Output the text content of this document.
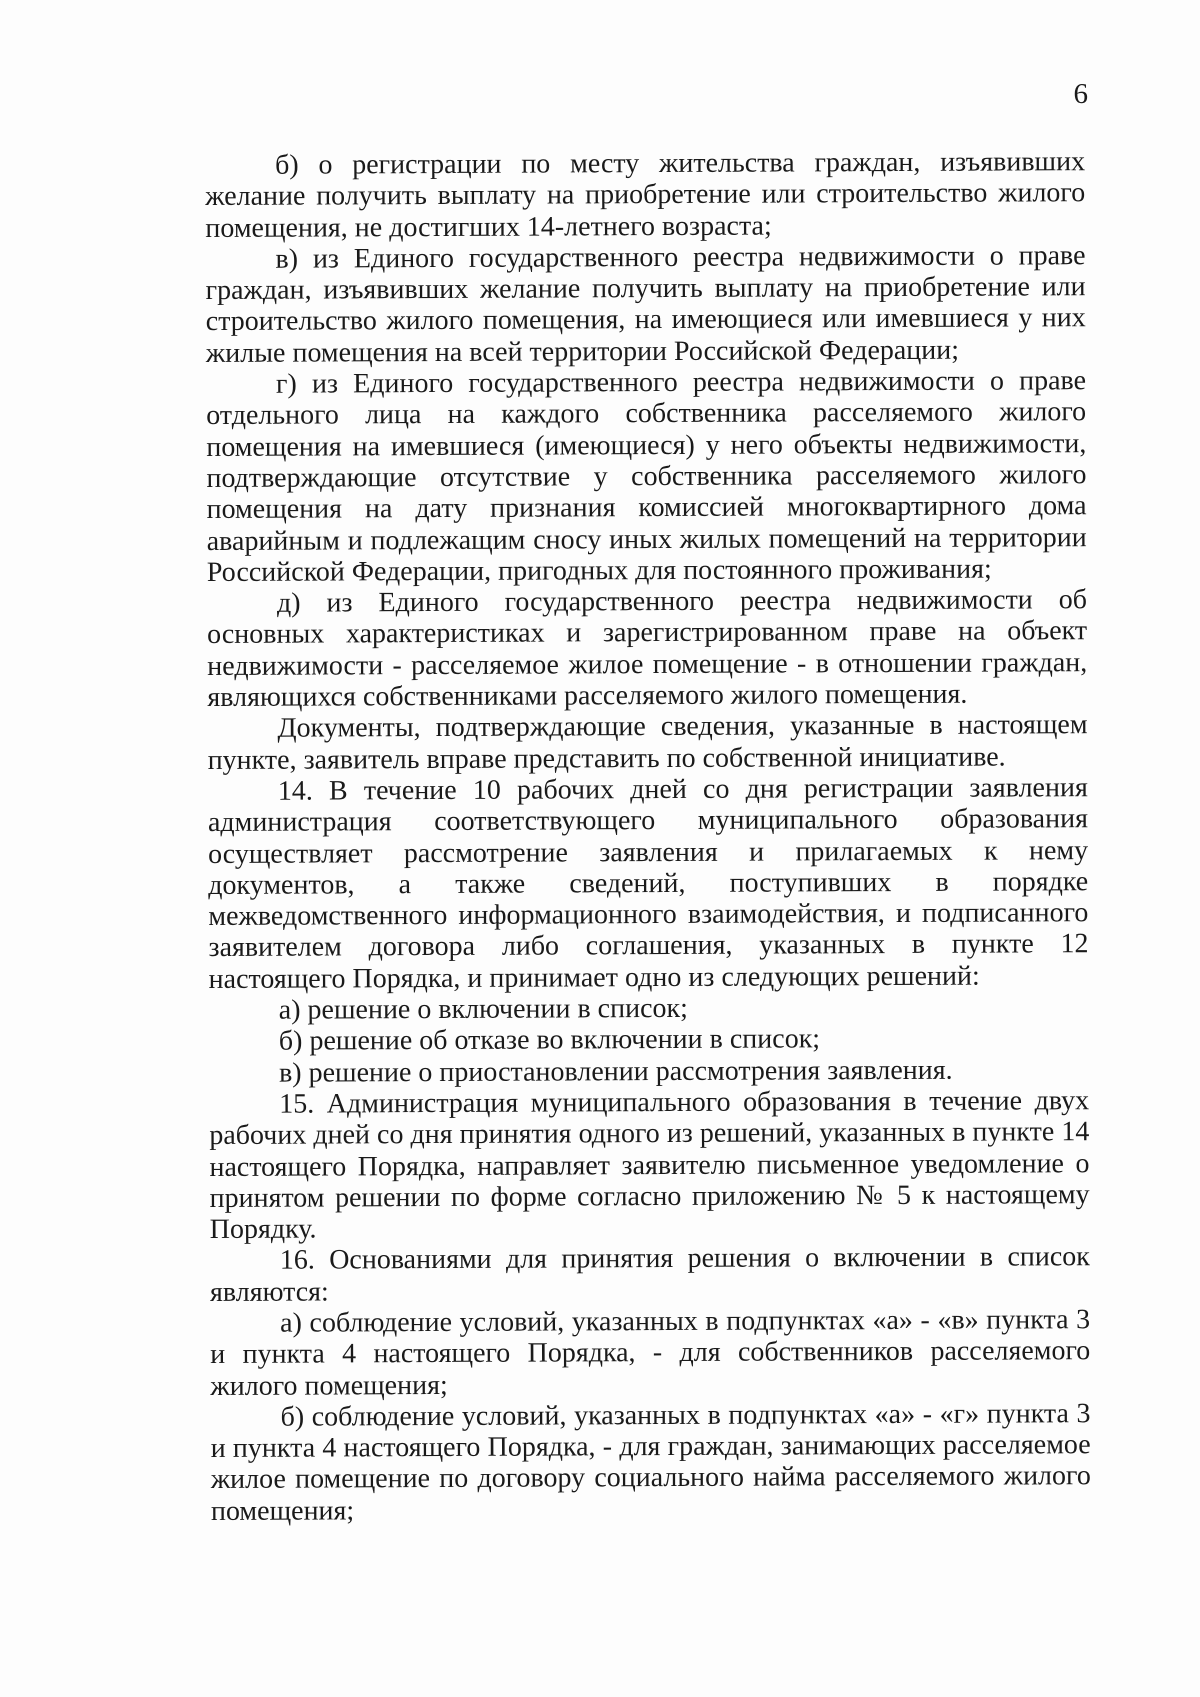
6

б) о регистрации по месту жительства граждан, изъявивших желание получить выплату на приобретение или строительство жилого помещения, не достигших 14-летнего возраста;

в) из Единого государственного реестра недвижимости о праве граждан, изъявивших желание получить выплату на приобретение или строительство жилого помещения, на имеющиеся или имевшиеся у них жилые помещения на всей территории Российской Федерации;

г) из Единого государственного реестра недвижимости о праве отдельного лица на каждого собственника расселяемого жилого помещения на имевшиеся (имеющиеся) у него объекты недвижимости, подтверждающие отсутствие у собственника расселяемого жилого помещения на дату признания комиссией многоквартирного дома аварийным и подлежащим сносу иных жилых помещений на территории Российской Федерации, пригодных для постоянного проживания;

д) из Единого государственного реестра недвижимости об основных характеристиках и зарегистрированном праве на объект недвижимости - расселяемое жилое помещение - в отношении граждан, являющихся собственниками расселяемого жилого помещения.

Документы, подтверждающие сведения, указанные в настоящем пункте, заявитель вправе представить по собственной инициативе.

14. В течение 10 рабочих дней со дня регистрации заявления администрация соответствующего муниципального образования осуществляет рассмотрение заявления и прилагаемых к нему документов, а также сведений, поступивших в порядке межведомственного информационного взаимодействия, и подписанного заявителем договора либо соглашения, указанных в пункте 12 настоящего Порядка, и принимает одно из следующих решений:

а) решение о включении в список;

б) решение об отказе во включении в список;

в) решение о приостановлении рассмотрения заявления.

15. Администрация муниципального образования в течение двух рабочих дней со дня принятия одного из решений, указанных в пункте 14 настоящего Порядка, направляет заявителю письменное уведомление о принятом решении по форме согласно приложению № 5 к настоящему Порядку.

16. Основаниями для принятия решения о включении в список являются:

а) соблюдение условий, указанных в подпунктах «а» - «в» пункта 3 и пункта 4 настоящего Порядка, - для собственников расселяемого жилого помещения;

б) соблюдение условий, указанных в подпунктах «а» - «г» пункта 3 и пункта 4 настоящего Порядка, - для граждан, занимающих расселяемое жилое помещение по договору социального найма расселяемого жилого помещения;
